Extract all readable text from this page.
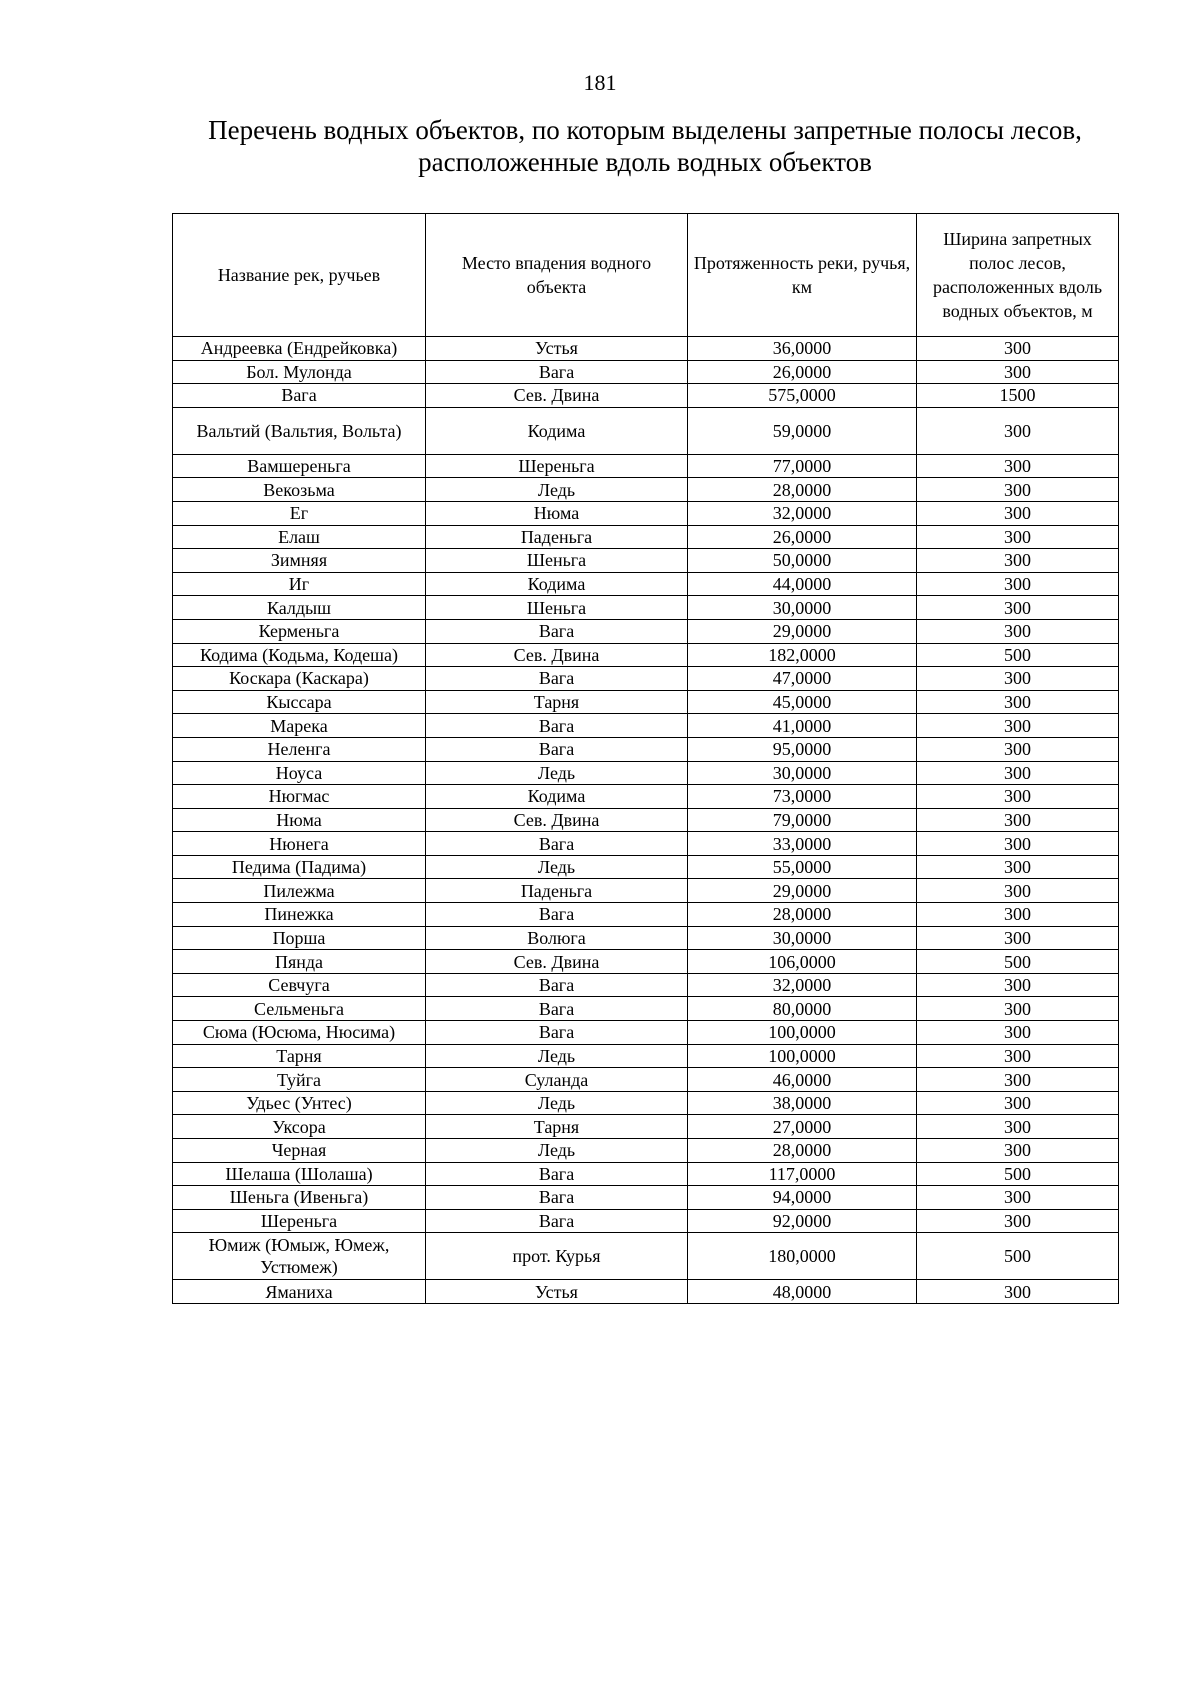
181
Перечень водных объектов, по которым выделены запретные полосы лесов,
расположенные вдоль водных объектов
Название рек, ручьев	Место впадения водного объекта	Протяженность реки, ручья, км	Ширина запретных полос лесов, расположенных вдоль водных объектов, м
Андреевка (Ендрейковка)	Устья	36,0000	300
Бол. Мулонда	Вага	26,0000	300
Вага	Сев. Двина	575,0000	1500
Вальтий (Вальтия, Вольта)	Кодима	59,0000	300
Вамшереньга	Шереньга	77,0000	300
Векозьма	Ледь	28,0000	300
Ег	Нюма	32,0000	300
Елаш	Паденьга	26,0000	300
Зимняя	Шеньга	50,0000	300
Иг	Кодима	44,0000	300
Калдыш	Шеньга	30,0000	300
Керменьга	Вага	29,0000	300
Кодима (Кодьма, Кодеша)	Сев. Двина	182,0000	500
Коскара (Каскара)	Вага	47,0000	300
Кыссара	Тарня	45,0000	300
Марека	Вага	41,0000	300
Неленга	Вага	95,0000	300
Ноуса	Ледь	30,0000	300
Нюгмас	Кодима	73,0000	300
Нюма	Сев. Двина	79,0000	300
Нюнега	Вага	33,0000	300
Педима (Падима)	Ледь	55,0000	300
Пилежма	Паденьга	29,0000	300
Пинежка	Вага	28,0000	300
Порша	Волюга	30,0000	300
Пянда	Сев. Двина	106,0000	500
Севчуга	Вага	32,0000	300
Сельменьга	Вага	80,0000	300
Сюма (Юсюма, Нюсима)	Вага	100,0000	300
Тарня	Ледь	100,0000	300
Туйга	Суланда	46,0000	300
Удьес (Унтес)	Ледь	38,0000	300
Уксора	Тарня	27,0000	300
Черная	Ледь	28,0000	300
Шелаша (Шолаша)	Вага	117,0000	500
Шеньга (Ивеньга)	Вага	94,0000	300
Шереньга	Вага	92,0000	300
Юмиж (Юмыж, Юмеж, Устюмеж)	прот. Курья	180,0000	500
Яманиха	Устья	48,0000	300
